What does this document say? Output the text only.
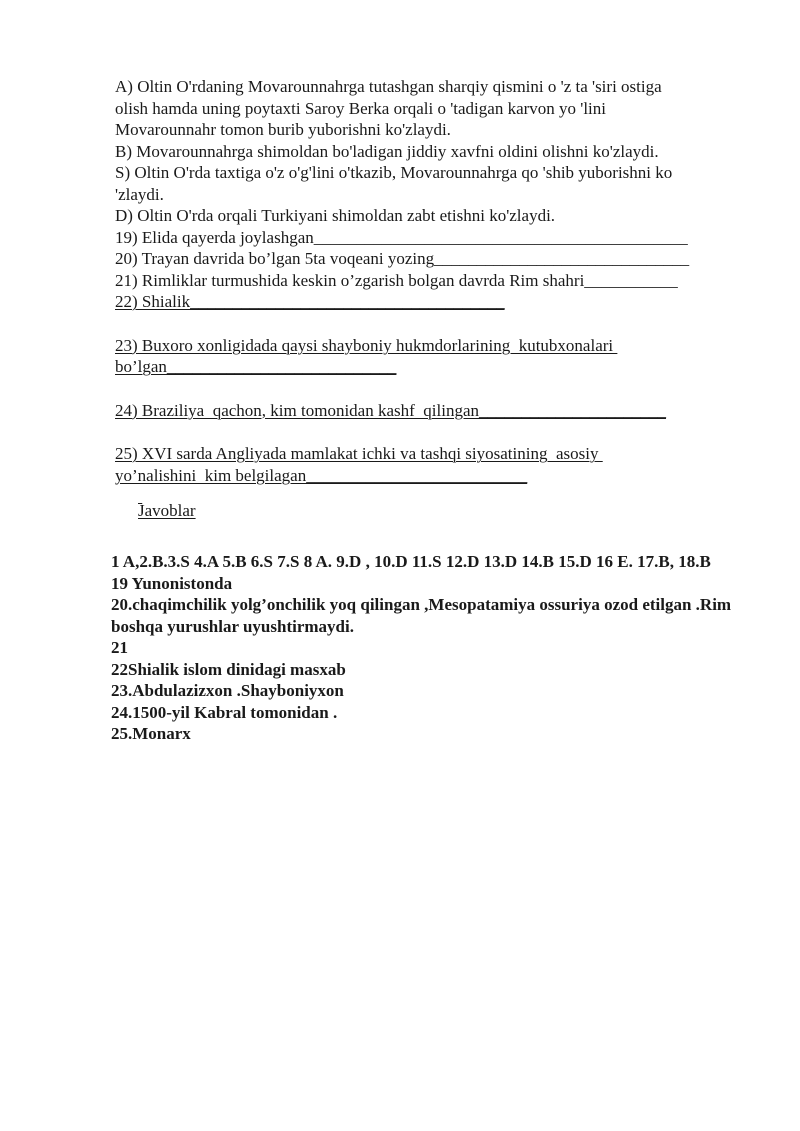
A) Oltin O'rdaning Movarounnahrga tutashgan sharqiy qismini o 'z ta 'siri ostiga
olish hamda uning poytaxti Saroy Berka orqali o 'tadigan karvon yo 'lini
Movarounnahr tomon burib yuborishni ko'zlaydi.
B) Movarounnahrga shimoldan bo'ladigan jiddiy xavfni oldini olishni ko'zlaydi.
S) Oltin O'rda taxtiga o'z o'g'lini o'tkazib, Movarounnahrga qo 'shib yuborishni ko
'zlaydi.
D) Oltin O'rda orqali Turkiyani shimoldan zabt etishni ko'zlaydi.
19) Elida qayerda joylashgan____________________________________________
20) Trayan davrida bo’lgan 5ta voqeani yozing______________________________
21) Rimliklar turmushida keskin o’zgarish bolgan davrda Rim shahri___________
22) Shialik_____________________________________
23) Buxoro xonligidada qaysi shayboniy hukmdorlarining  kutubxonalari
bo’lgan___________________________
24) Braziliya  qachon, kim tomonidan kashf  qilingan______________________
25) XVI sarda Angliyada mamlakat ichki va tashqi siyosatining  asosiy
yo’nalishini  kim belgilagan__________________________

Javoblar
1 A,2.B.3.S 4.A 5.B 6.S 7.S 8 A. 9.D , 10.D 11.S 12.D 13.D 14.B 15.D 16 E. 17.B, 18.B
19 Yunonistonda
20.chaqimchilik yolg’onchilik yoq qilingan ,Mesopatamiya ossuriya ozod etilgan .Rim boshqa yurushlar uyushtirmaydi.
21
22Shialik islom dinidagi masxab
23.Abdulazizxon .Shayboniyxon
24.1500-yil Kabral tomonidan .
25.Monarx
